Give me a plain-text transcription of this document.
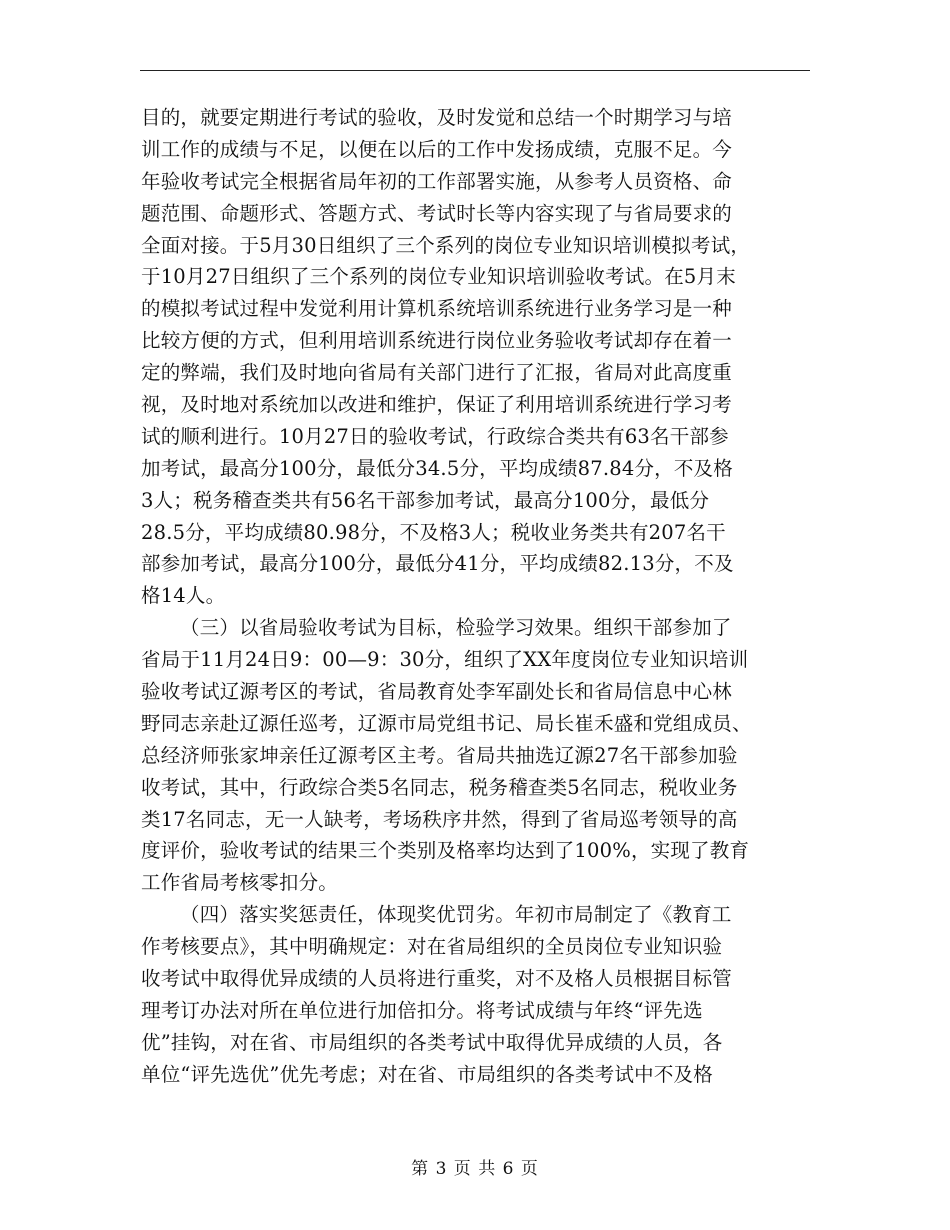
目的，就要定期进行考试的验收，及时发觉和总结一个时期学习与培
训工作的成绩与不足，以便在以后的工作中发扬成绩，克服不足。今
年验收考试完全根据省局年初的工作部署实施，从参考人员资格、命
题范围、命题形式、答题方式、考试时长等内容实现了与省局要求的
全面对接。于5月30日组织了三个系列的岗位专业知识培训模拟考试，
于10月27日组织了三个系列的岗位专业知识培训验收考试。在5月末
的模拟考试过程中发觉利用计算机系统培训系统进行业务学习是一种
比较方便的方式，但利用培训系统进行岗位业务验收考试却存在着一
定的弊端，我们及时地向省局有关部门进行了汇报，省局对此高度重
视，及时地对系统加以改进和维护，保证了利用培训系统进行学习考
试的顺利进行。10月27日的验收考试，行政综合类共有63名干部参
加考试，最高分100分，最低分34.5分，平均成绩87.84分，不及格
3人；税务稽查类共有56名干部参加考试，最高分100分，最低分
28.5分，平均成绩80.98分，不及格3人；税收业务类共有207名干
部参加考试，最高分100分，最低分41分，平均成绩82.13分，不及
格14人。
（三）以省局验收考试为目标，检验学习效果。组织干部参加了
省局于11月24日9：00—9：30分，组织了XX年度岗位专业知识培训
验收考试辽源考区的考试，省局教育处李军副处长和省局信息中心林
野同志亲赴辽源任巡考，辽源市局党组书记、局长崔禾盛和党组成员、
总经济师张家坤亲任辽源考区主考。省局共抽选辽源27名干部参加验
收考试，其中，行政综合类5名同志，税务稽查类5名同志，税收业务
类17名同志，无一人缺考，考场秩序井然，得到了省局巡考领导的高
度评价，验收考试的结果三个类别及格率均达到了100%，实现了教育
工作省局考核零扣分。
（四）落实奖惩责任，体现奖优罚劣。年初市局制定了《教育工
作考核要点》，其中明确规定：对在省局组织的全员岗位专业知识验
收考试中取得优异成绩的人员将进行重奖，对不及格人员根据目标管
理考订办法对所在单位进行加倍扣分。将考试成绩与年终“评先选
优”挂钩，对在省、市局组织的各类考试中取得优异成绩的人员，各
单位“评先选优”优先考虑；对在省、市局组织的各类考试中不及格
第 3 页 共 6 页
